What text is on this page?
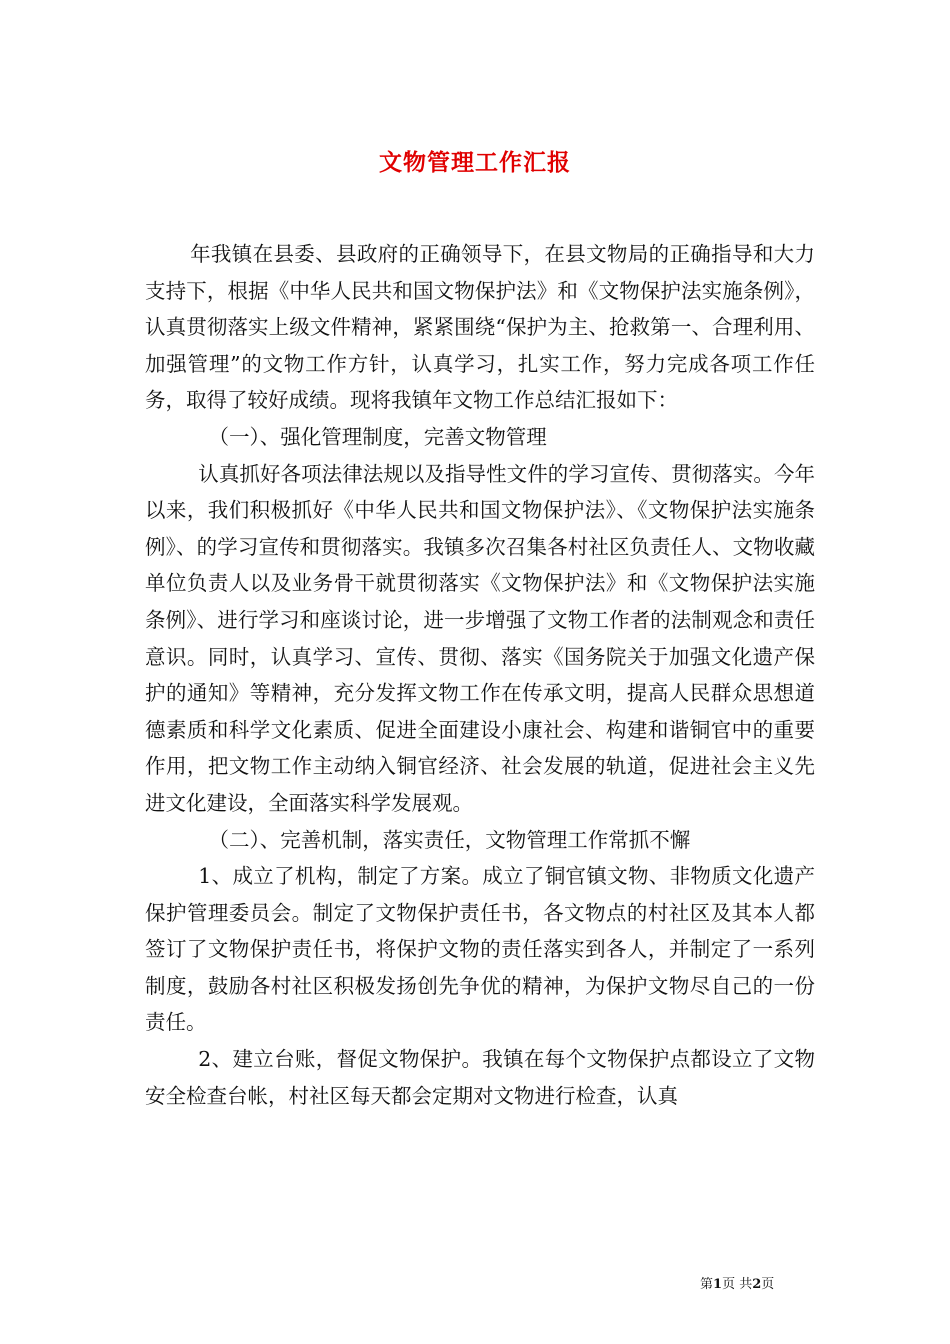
文物管理工作汇报

年我镇在县委、县政府的正确领导下，在县文物局的正确指导和大力支持下，根据《中华人民共和国文物保护法》和《文物保护法实施条例》，认真贯彻落实上级文件精神，紧紧围绕“保护为主、抢救第一、合理利用、加强管理”的文物工作方针，认真学习，扎实工作，努力完成各项工作任务，取得了较好成绩。现将我镇年文物工作总结汇报如下：

（一）、强化管理制度，完善文物管理

认真抓好各项法律法规以及指导性文件的学习宣传、贯彻落实。今年以来，我们积极抓好《中华人民共和国文物保护法》、《文物保护法实施条例》、的学习宣传和贯彻落实。我镇多次召集各村社区负责任人、文物收藏单位负责人以及业务骨干就贯彻落实《文物保护法》和《文物保护法实施条例》、进行学习和座谈讨论，进一步增强了文物工作者的法制观念和责任意识。同时，认真学习、宣传、贯彻、落实《国务院关于加强文化遗产保护的通知》等精神，充分发挥文物工作在传承文明，提高人民群众思想道德素质和科学文化素质、促进全面建设小康社会、构建和谐铜官中的重要作用，把文物工作主动纳入铜官经济、社会发展的轨道，促进社会主义先进文化建设，全面落实科学发展观。

（二）、完善机制，落实责任，文物管理工作常抓不懈

1、成立了机构，制定了方案。成立了铜官镇文物、非物质文化遗产保护管理委员会。制定了文物保护责任书，各文物点的村社区及其本人都签订了文物保护责任书，将保护文物的责任落实到各人，并制定了一系列制度，鼓励各村社区积极发扬创先争优的精神，为保护文物尽自己的一份责任。

2、建立台账，督促文物保护。我镇在每个文物保护点都设立了文物安全检查台帐，村社区每天都会定期对文物进行检查，认真

第1页 共2页
